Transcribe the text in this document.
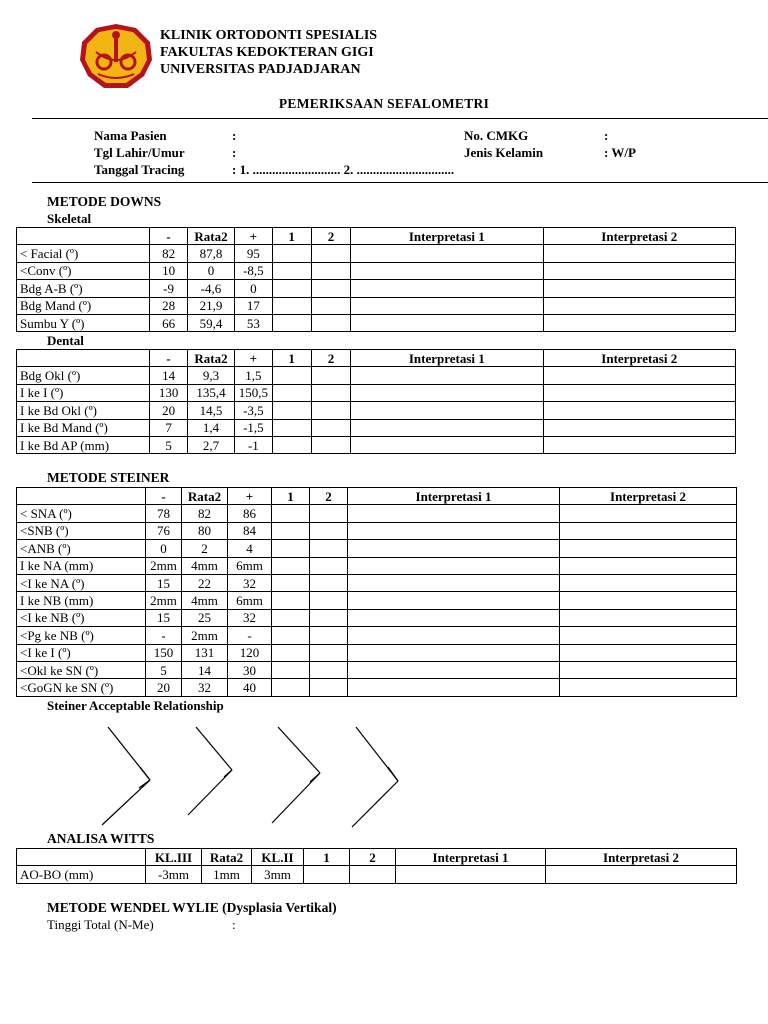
KLINIK ORTODONTI SPESIALIS
FAKULTAS KEDOKTERAN GIGI
UNIVERSITAS PADJADJARAN
PEMERIKSAAN SEFALOMETRI
Nama Pasien	:
Tgl Lahir/Umur	:
Tanggal Tracing	: 1. ........................... 2. ..............................
No. CMKG	:
Jenis Kelamin	: W/P
METODE DOWNS
Skeletal
	-	Rata2	+	1	2	Interpretasi 1	Interpretasi 2
< Facial (º)	82	87,8	95				
<Conv (º)	10	0	-8,5				
Bdg A-B (º)	-9	-4,6	0				
Bdg Mand (º)	28	21,9	17				
Sumbu Y (º)	66	59,4	53				
Dental
	-	Rata2	+	1	2	Interpretasi 1	Interpretasi 2
Bdg Okl (º)	14	9,3	1,5				
I ke I (º)	130	135,4	150,5				
I ke Bd Okl (º)	20	14,5	-3,5				
I ke Bd Mand (º)	7	1,4	-1,5				
I ke Bd AP (mm)	5	2,7	-1				
METODE STEINER
	-	Rata2	+	1	2	Interpretasi 1	Interpretasi 2
< SNA (º)	78	82	86				
<SNB (º)	76	80	84				
<ANB (º)	0	2	4				
I ke NA (mm)	2mm	4mm	6mm				
<I ke NA (º)	15	22	32				
I ke NB (mm)	2mm	4mm	6mm				
<I ke NB (º)	15	25	32				
<Pg ke NB (º)	-	2mm	-				
<I ke I (º)	150	131	120				
<Okl ke SN (º)	5	14	30				
<GoGN ke SN (º)	20	32	40				
Steiner Acceptable Relationship
ANALISA WITTS
	KL.III	Rata2	KL.II	1	2	Interpretasi 1	Interpretasi 2
AO-BO (mm)	-3mm	1mm	3mm				
METODE WENDEL WYLIE (Dysplasia Vertikal)
Tinggi Total (N-Me)	:
